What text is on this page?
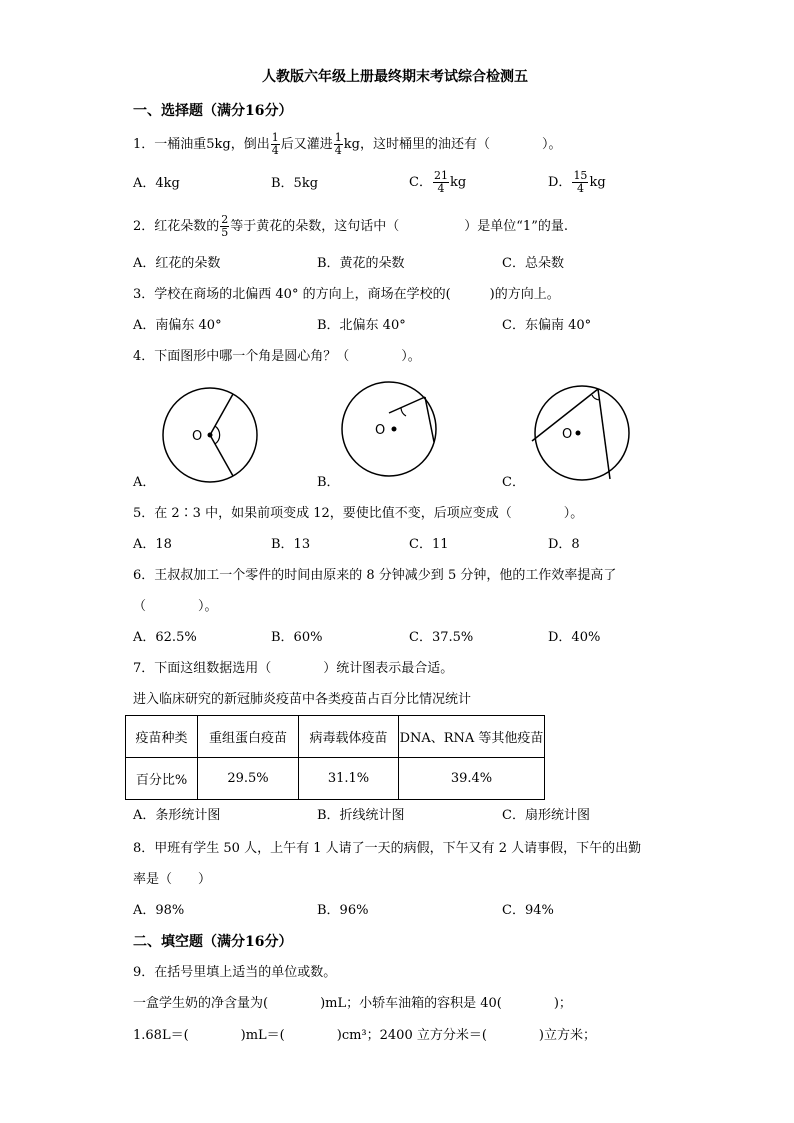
人教版六年级上册最终期末考试综合检测五
一、选择题（满分16分）
1．一桶油重5kg，倒出 $\frac{1}{4}$ 后又灌进 $\frac{1}{4}$ kg，这时桶里的油还有（　　　　）。
A．4kg	B．5kg	C． $\frac{21}{4}$ kg	D． $\frac{15}{4}$ kg
2．红花朵数的 $\frac{2}{5}$ 等于黄花的朵数，这句话中（　　　　　）是单位“1”的量.
A．红花的朵数	B．黄花的朵数	C．总朵数
3．学校在商场的北偏西 40° 的方向上，商场在学校的(　　　)的方向上。
A．南偏东 40°	B．北偏东 40°	C．东偏南 40°
4．下面图形中哪一个角是圆心角？（　　　　）。
O	O	O
A．	B．	C．
5．在 2∶3 中，如果前项变成 12，要使比值不变，后项应变成（　　　　）。
A．18	B．13	C．11	D．8
6．王叔叔加工一个零件的时间由原来的 8 分钟减少到 5 分钟，他的工作效率提高了
（　　　　）。
A．62.5%	B．60%	C．37.5%	D．40%
7．下面这组数据选用（　　　　）统计图表示最合适。
进入临床研究的新冠肺炎疫苗中各类疫苗占百分比情况统计
疫苗种类	重组蛋白疫苗	病毒载体疫苗	DNA、RNA 等其他疫苗
百分比%	29.5%	31.1%	39.4%
A．条形统计图	B．折线统计图	C．扇形统计图
8．甲班有学生 50 人，上午有 1 人请了一天的病假，下午又有 2 人请事假，下午的出勤
率是（　　）
A．98%	B．96%	C．94%
二、填空题（满分16分）
9．在括号里填上适当的单位或数。
一盒学生奶的净含量为(　　　　)mL；小轿车油箱的容积是 40(　　　　)；
1.68L＝(　　　　)mL＝(　　　　)cm³；2400 立方分米＝(　　　　)立方米；
